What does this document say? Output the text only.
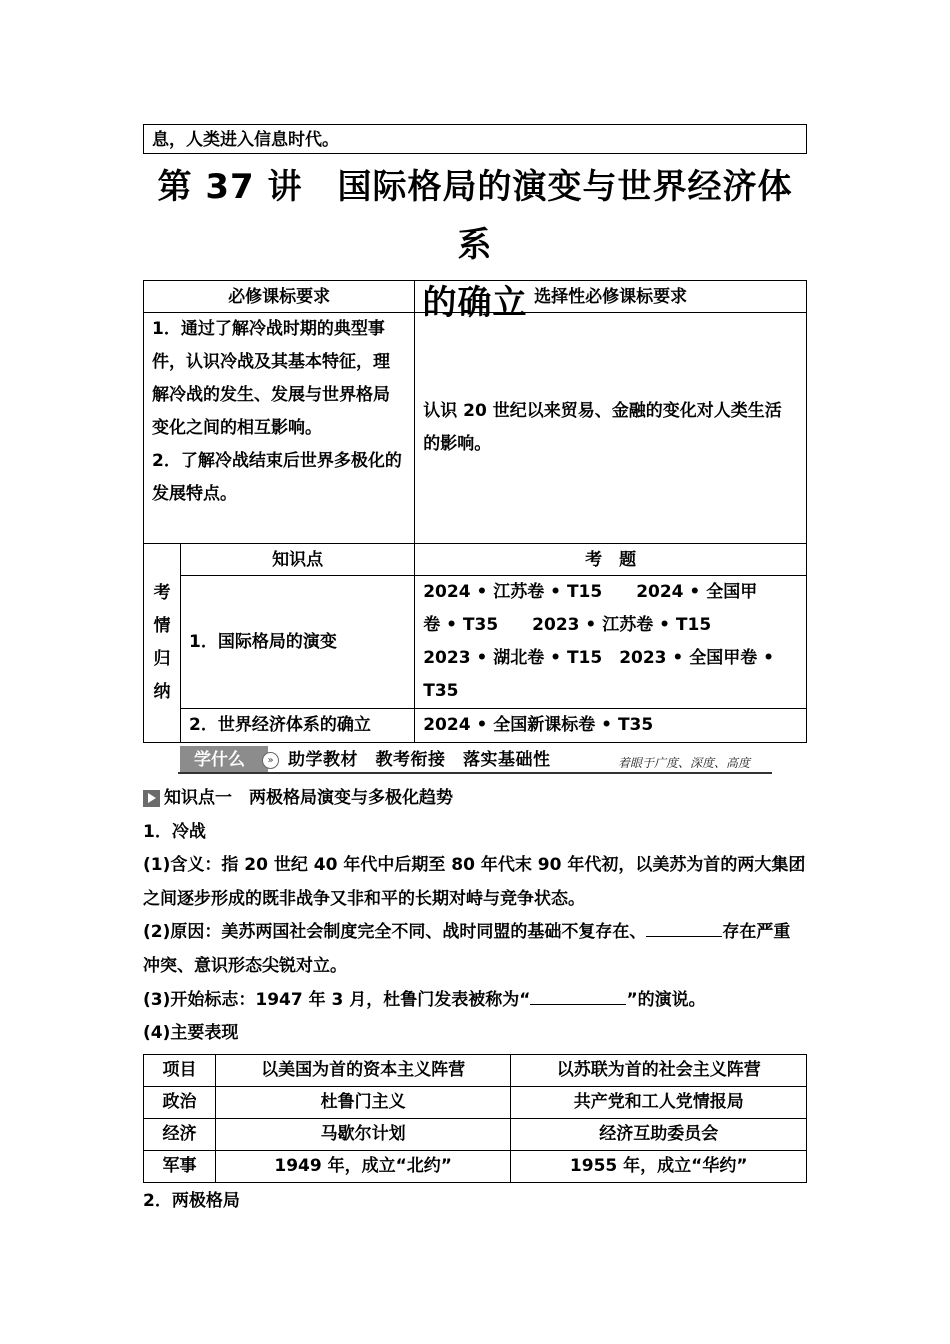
息，人类进入信息时代。
第 37 讲　国际格局的演变与世界经济体系
的确立
必修课标要求		选择性必修课标要求

1．通过了解冷战时期的典型事件，认识冷战及其基本特征，理解冷战的发生、发展与世界格局变化之间的相互影响。
2．了解冷战结束后世界多极化的发展特点。		认识 20 世纪以来贸易、金融的变化对人类生活的影响。

考
情
归
纳	知识点	考　题
	1．国际格局的演变	2024 • 江苏卷 • T15　　2024 • 全国甲
卷 • T35　　2023 • 江苏卷 • T15
2023 • 湖北卷 • T15　2023 • 全国甲卷 • T35

	2．世界经济体系的确立	2024 • 全国新课标卷 • T35
学什么	» 助学教材　教考衔接　落实基础性	着眼于广度、深度、高度

知识点一　两极格局演变与多极化趋势

1．冷战

(1)含义：指 20 世纪 40 年代中后期至 80 年代末 90 年代初，以美苏为首的两大集团之间逐步形成的既非战争又非和平的长期对峙与竞争状态。

(2)原因：美苏两国社会制度完全不同、战时同盟的基础不复存在、	存在严重冲突、意识形态尖锐对立。

(3)开始标志：1947 年 3 月，杜鲁门发表被称为“	”的演说。

(4)主要表现

项目	以美国为首的资本主义阵营	以苏联为首的社会主义阵营
政治	杜鲁门主义	共产党和工人党情报局
经济	马歇尔计划	经济互助委员会
军事	1949 年，成立“北约”	1955 年，成立“华约”
2．两极格局
